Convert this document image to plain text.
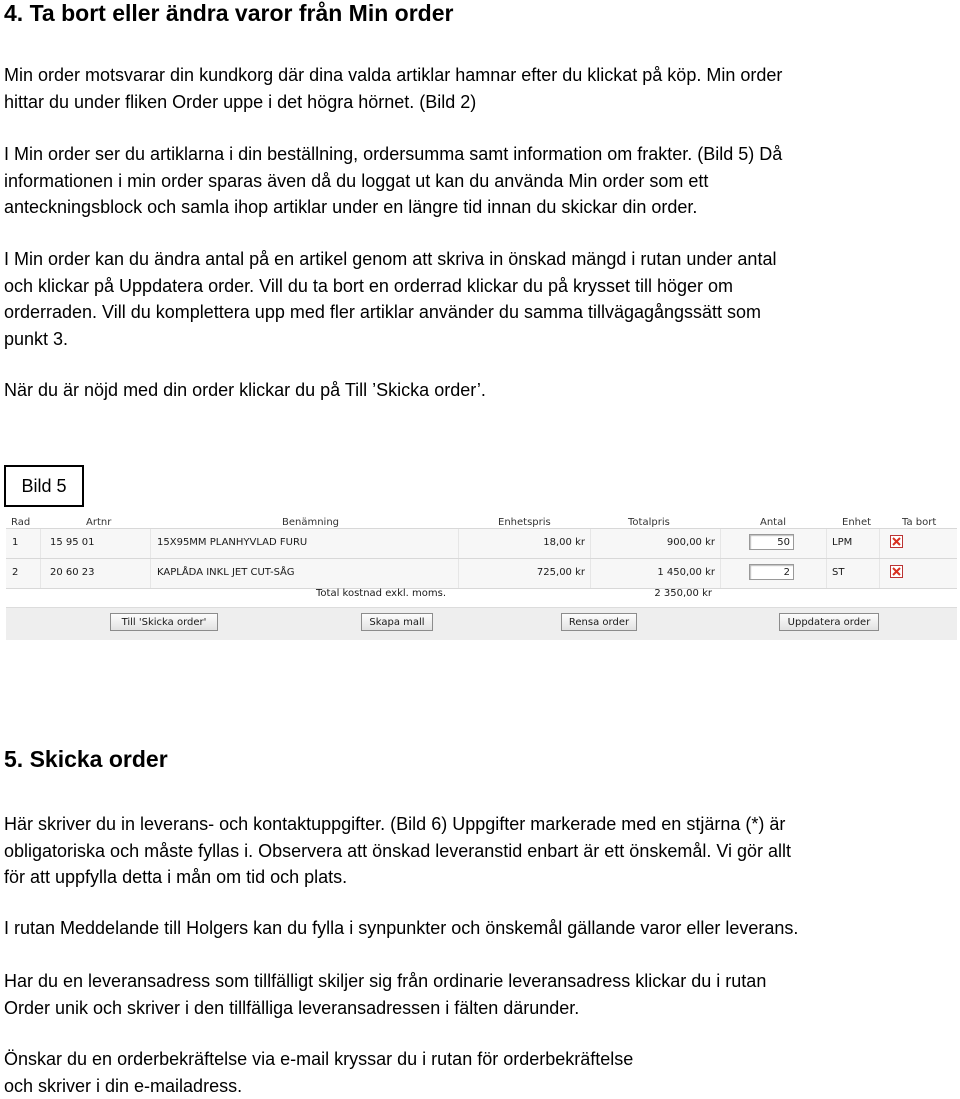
4. Ta bort eller ändra varor från Min order
Min order motsvarar din kundkorg där dina valda artiklar hamnar efter du klickat på köp. Min order
hittar du under fliken Order uppe i det högra hörnet. (Bild 2)
I Min order ser du artiklarna i din beställning, ordersumma samt information om frakter. (Bild 5) Då
informationen i min order sparas även då du loggat ut kan du använda Min order som ett
anteckningsblock och samla ihop artiklar under en längre tid innan du skickar din order.
I Min order kan du ändra antal på en artikel genom att skriva in önskad mängd i rutan under antal
och klickar på Uppdatera order. Vill du ta bort en orderrad klickar du på krysset till höger om
orderraden. Vill du komplettera upp med fler artiklar använder du samma tillvägagångssätt som
punkt 3.
När du är nöjd med din order klickar du på Till ’Skicka order’.
Bild 5
Rad	Artnr	Benämning	Enhetspris	Totalpris	Antal	Enhet	Ta bort
1	15 95 01	15X95MM PLANHYVLAD FURU	18,00 kr	900,00 kr	50	LPM
2	20 60 23	KAPLÅDA INKL JET CUT-SÅG	725,00 kr	1 450,00 kr	2	ST
Total kostnad exkl. moms.	2 350,00 kr
Till 'Skicka order'	Skapa mall	Rensa order	Uppdatera order
5. Skicka order
Här skriver du in leverans- och kontaktuppgifter. (Bild 6) Uppgifter markerade med en stjärna (*) är
obligatoriska och måste fyllas i. Observera att önskad leveranstid enbart är ett önskemål. Vi gör allt
för att uppfylla detta i mån om tid och plats.
I rutan Meddelande till Holgers kan du fylla i synpunkter och önskemål gällande varor eller leverans.
Har du en leveransadress som tillfälligt skiljer sig från ordinarie leveransadress klickar du i rutan
Order unik och skriver i den tillfälliga leveransadressen i fälten därunder.
Önskar du en orderbekräftelse via e-mail kryssar du i rutan för orderbekräftelse
och skriver i din e-mailadress.
